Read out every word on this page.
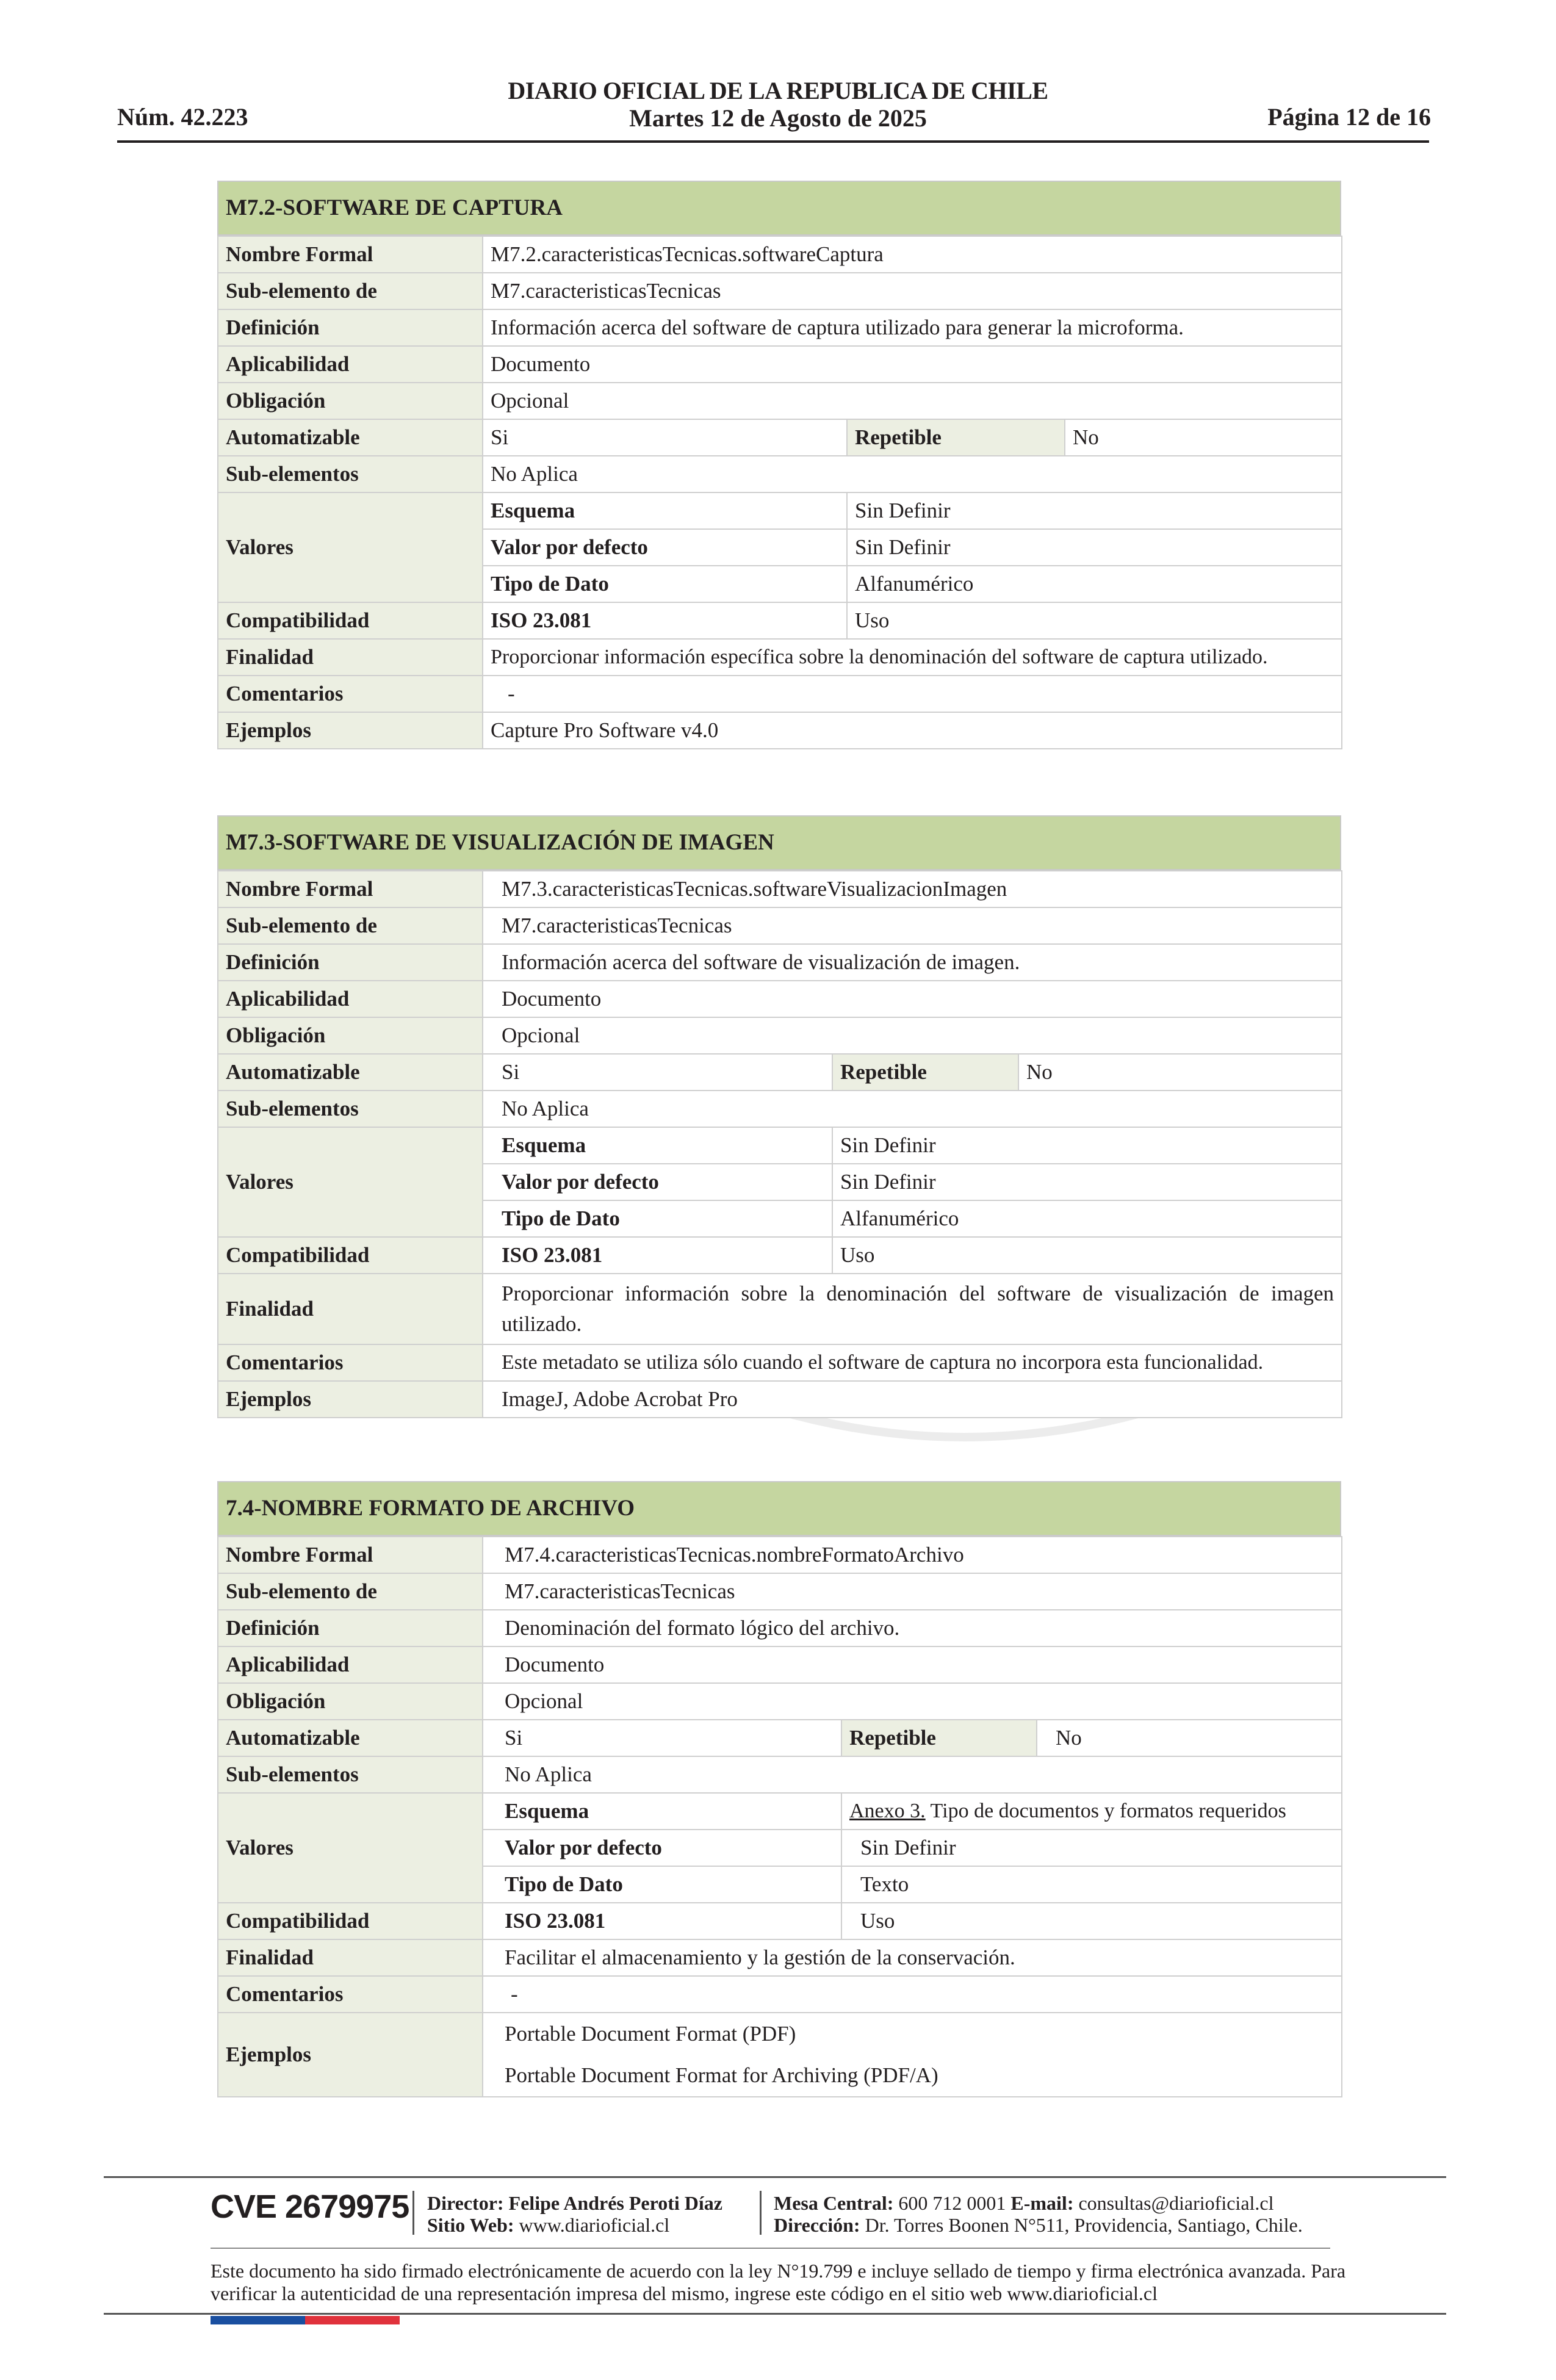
Núm. 42.223
DIARIO OFICIAL DE LA REPUBLICA DE CHILE
Martes 12 de Agosto de 2025	Página 12 de 16
M7.2-SOFTWARE DE CAPTURA
Nombre Formal	M7.2.caracteristicasTecnicas.softwareCaptura		
Sub-elemento de	M7.caracteristicasTecnicas		
Definición	Información acerca del software de captura utilizado para generar la microforma.		
Aplicabilidad	Documento		
Obligación	Opcional		
Automatizable	Si	Repetible	No
Sub-elementos	No Aplica		
Valores	Esquema	Sin Definir	
	Valor por defecto	Sin Definir	
	Tipo de Dato	Alfanumérico	
Compatibilidad	ISO 23.081	Uso	
Finalidad	Proporcionar información específica sobre la denominación del software de captura utilizado.		
Comentarios	-		
Ejemplos	Capture Pro Software v4.0		
M7.3-SOFTWARE DE VISUALIZACIÓN DE IMAGEN
Nombre Formal	M7.3.caracteristicasTecnicas.softwareVisualizacionImagen		
Sub-elemento de	M7.caracteristicasTecnicas		
Definición	Información acerca del software de visualización de imagen.		
Aplicabilidad	Documento		
Obligación	Opcional		
Automatizable	Si	Repetible	No
Sub-elementos	No Aplica		
Valores	Esquema	Sin Definir	
	Valor por defecto	Sin Definir	
	Tipo de Dato	Alfanumérico	
Compatibilidad	ISO 23.081	Uso	
Finalidad	Proporcionar información sobre la denominación del software de visualización de imagen utilizado.		
Comentarios	Este metadato se utiliza sólo cuando el software de captura no incorpora esta funcionalidad.		
Ejemplos	ImageJ, Adobe Acrobat Pro		
7.4-NOMBRE FORMATO DE ARCHIVO
Nombre Formal	M7.4.caracteristicasTecnicas.nombreFormatoArchivo		
Sub-elemento de	M7.caracteristicasTecnicas		
Definición	Denominación del formato lógico del archivo.		
Aplicabilidad	Documento		
Obligación	Opcional		
Automatizable	Si	Repetible	No
Sub-elementos	No Aplica		
Valores	Esquema	Anexo 3. Tipo de documentos y formatos requeridos	
	Valor por defecto	Sin Definir	
	Tipo de Dato	Texto	
Compatibilidad	ISO 23.081	Uso	
Finalidad	Facilitar el almacenamiento y la gestión de la conservación.		
Comentarios	-		
Ejemplos	Portable Document Format (PDF)
Portable Document Format for Archiving (PDF/A)		
CVE 2679975 Director: Felipe Andrés Peroti Díaz
Sitio Web: www.diarioficial.cl
Mesa Central: 600 712 0001 E-mail: consultas@diarioficial.cl
Dirección: Dr. Torres Boonen N°511, Providencia, Santiago, Chile.
Este documento ha sido firmado electrónicamente de acuerdo con la ley N°19.799 e incluye sellado de tiempo y firma electrónica avanzada. Para verificar la autenticidad de una representación impresa del mismo, ingrese este código en el sitio web www.diarioficial.cl
